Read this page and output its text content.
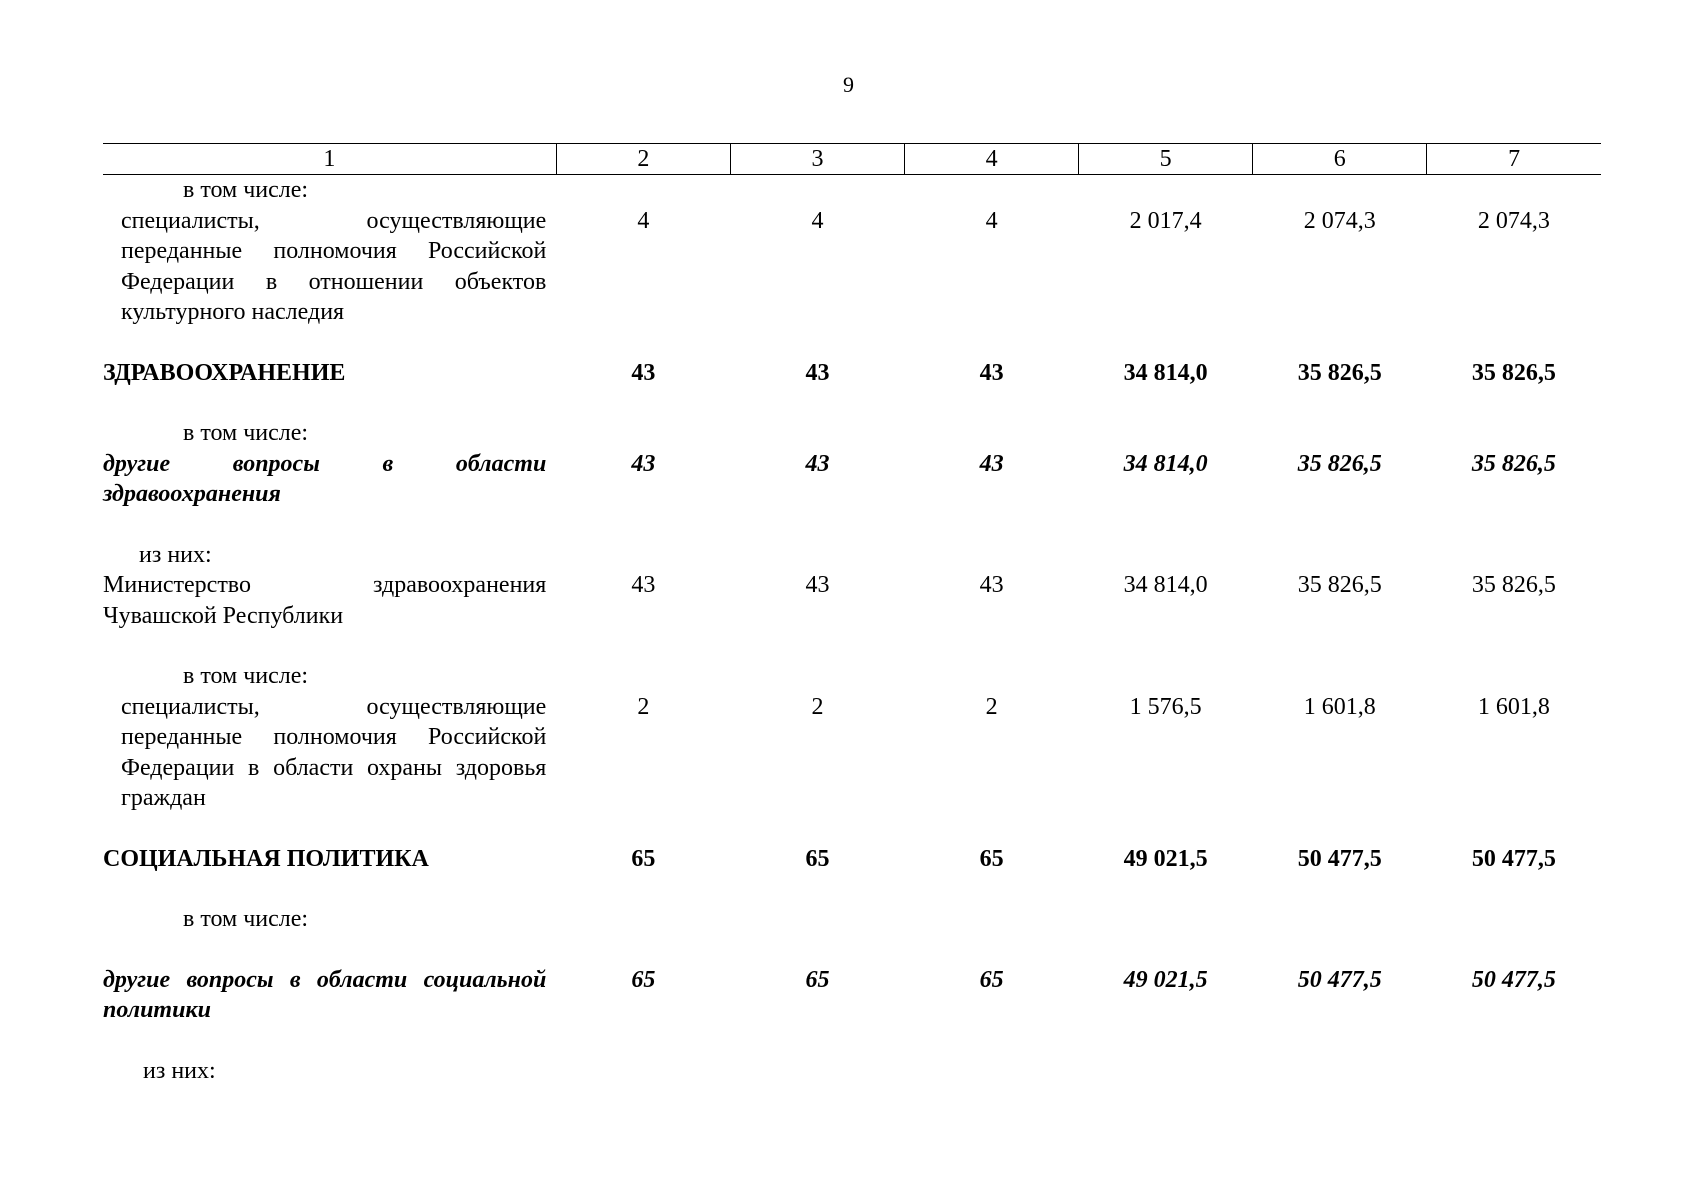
9
1	2	3	4	5	6	7

в том числе:
специалисты, осуществляющие переданные полномочия Российской Федерации в отношении объектов культурного наследия	4	4	4	2 017,4	2 074,3	2 074,3

ЗДРАВООХРАНЕНИЕ	43	43	43	34 814,0	35 826,5	35 826,5

в том числе:
другие вопросы в области здравоохранения	43	43	43	34 814,0	35 826,5	35 826,5

из них:
Министерство здравоохранения Чувашской Республики	43	43	43	34 814,0	35 826,5	35 826,5

в том числе:
специалисты, осуществляющие переданные полномочия Российской Федерации в области охраны здоровья граждан	2	2	2	1 576,5	1 601,8	1 601,8

СОЦИАЛЬНАЯ ПОЛИТИКА	65	65	65	49 021,5	50 477,5	50 477,5

в том числе:						

другие вопросы в области социальной политики	65	65	65	49 021,5	50 477,5	50 477,5

из них:						
